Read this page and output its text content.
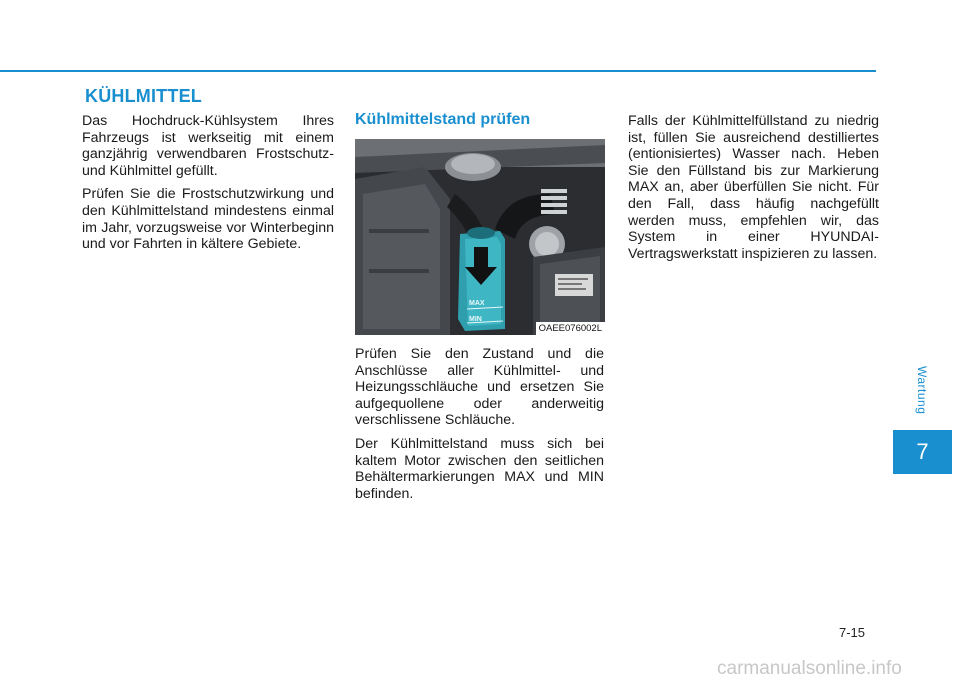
KÜHLMITTEL

Das Hochdruck-Kühlsystem Ihres Fahrzeugs ist werkseitig mit einem ganzjährig verwendbaren Frostschutz- und Kühlmittel gefüllt.

Prüfen Sie die Frostschutzwirkung und den Kühlmittelstand mindestens einmal im Jahr, vorzugsweise vor Winterbeginn und vor Fahrten in kältere Gebiete.

Kühlmittelstand prüfen
MAX
MIN
OAEE076002L

Prüfen Sie den Zustand und die Anschlüsse aller Kühlmittel- und Heizungsschläuche und ersetzen Sie aufgequollene oder anderweitig verschlissene Schläuche.

Der Kühlmittelstand muss sich bei kaltem Motor zwischen den seitlichen Behältermarkierungen MAX und MIN befinden.

Falls der Kühlmittelfüllstand zu niedrig ist, füllen Sie ausreichend destilliertes (entionisiertes) Wasser nach. Heben Sie den Füllstand bis zur Markierung MAX an, aber überfüllen Sie nicht. Für den Fall, dass häufig nachgefüllt werden muss, empfehlen wir, das System in einer HYUNDAI-Vertragswerkstatt inspizieren zu lassen.

Wartung
7
7-15
carmanualsonline.info
